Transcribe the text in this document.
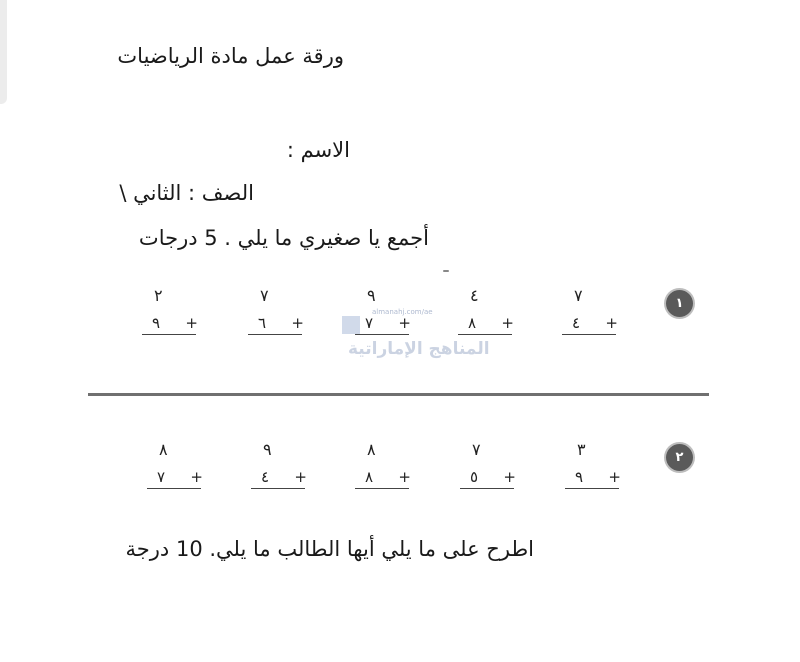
ورقة عمل مادة الرياضيات
الاسم :
الصف : الثاني \
أجمع يا صغيري ما يلي . 5 درجات
١
٧
٤ +
٤
٨ +
٩
٧ +
٧
٦ +
٢
٩ +
almanahj.com/ae
المناهج الإماراتية
٢
٣
٩ +
٧
٥ +
٨
٨ +
٩
٤ +
٨
٧ +
اطرح على ما يلي أيها الطالب ما يلي. 10 درجة
